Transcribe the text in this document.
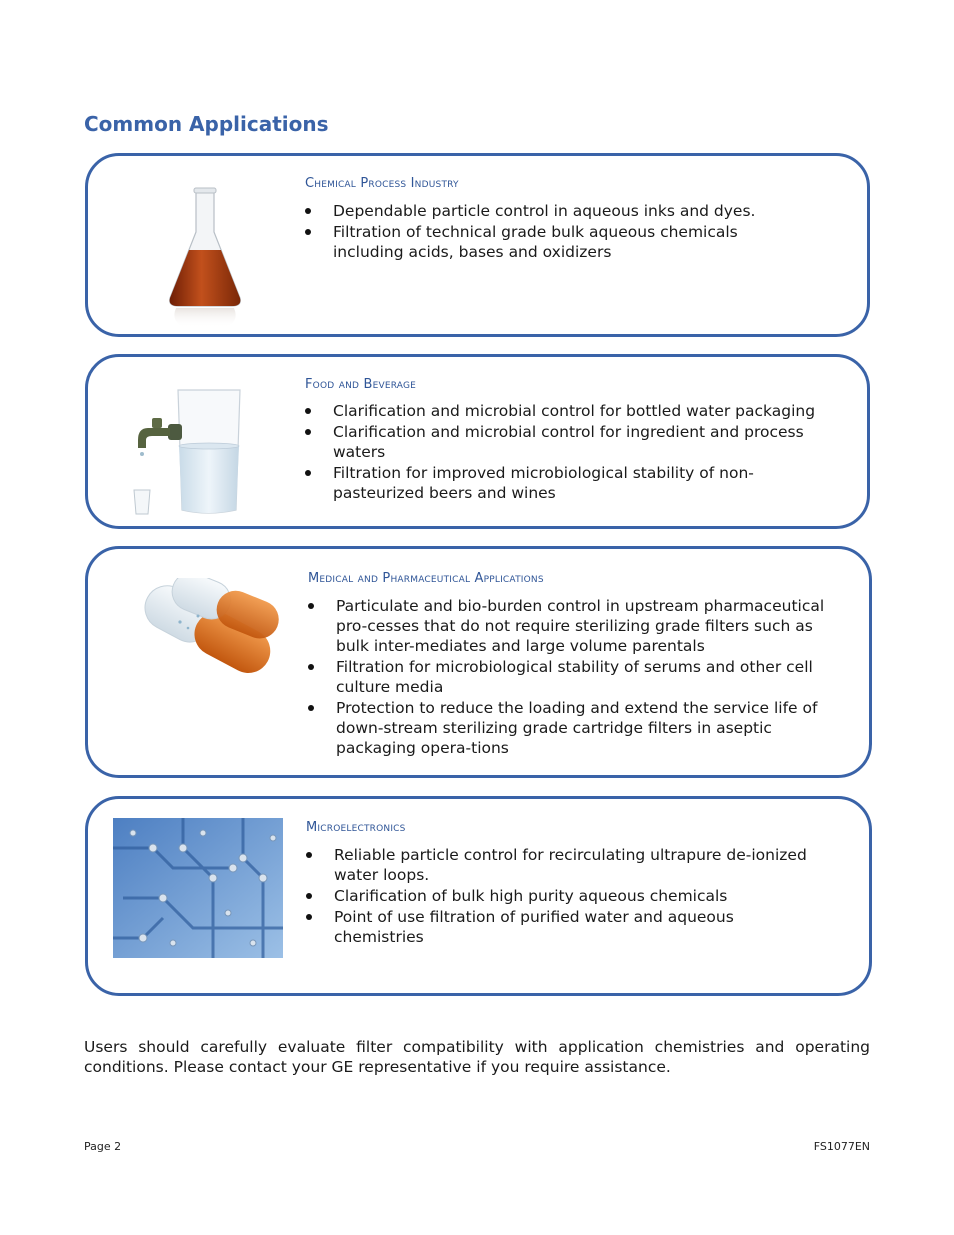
Common Applications
Chemical Process Industry
Dependable particle control in aqueous inks and dyes.
Filtration of technical grade bulk aqueous chemicals including acids, bases and oxidizers
Food and Beverage
Clarification and microbial control for bottled water packaging
Clarification and microbial control for ingredient and process waters
Filtration for improved microbiological stability of non-pasteurized beers and wines
Medical and Pharmaceutical Applications
Particulate and bio-burden control in upstream pharmaceutical pro-cesses that do not require sterilizing grade filters such as bulk inter-mediates and large volume parentals
Filtration for microbiological stability of serums and other cell culture media
Protection to reduce the loading and extend the service life of down-stream sterilizing grade cartridge filters in aseptic packaging opera-tions
Microelectronics
Reliable particle control for recirculating ultrapure de-ionized water loops.
Clarification of bulk high purity aqueous chemicals
Point of use filtration of purified water and aqueous chemistries
Users should carefully evaluate filter compatibility with application chemistries and operating conditions. Please contact your GE representative if you require assistance.
Page 2	FS1077EN
